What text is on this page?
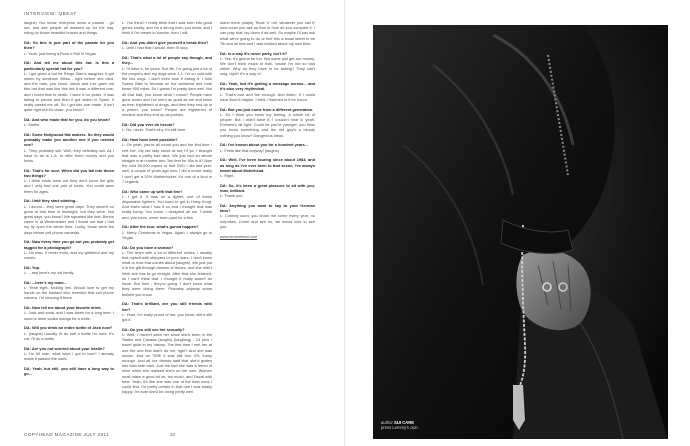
INTERVIEW: QBEAT

laughs) You know, everyone loves a parade - go out, and see people all dressed up for the day, riding on those beautiful horses and things.

DA: So this is just part of the parade for you then?
L: Yeah, just being a Rock n Roll Ill Vegas.

DA: And tell me about this hat. Is this a particularly special hat for you?
L: I got given a hat for Ringo Starr's daughter. It got stolen by someone Mesa - right before she died, and the hats, you know. Jason and Lee gave me this hat that was like this but it was a different one, and I loved that to death. I wore it for years. It was falling to pieces and then it got stolen in Spain. It really pissed me off. So I got this one made. It isn't quite right but it's close, you know?

DA: And who made that for you, do you know?
L: Martin.

DA: Some Hollywood Hat makers. So they would probably make you another one if you needed one?
L: They probably will. Well, they definitely will. All I have to do is L.A. to offer them money and you know.

DA: That's for sure. When did you fall into those two things?
L: I think boots were out they don't know the girls and I only had one pair of boots. You could wear them for ages.

DA: Until they start stinking...
L: I dunno... they were great days. They weren't so great at that time in hindsight, but they were. Not great days, you know? We squatted like that, Bernie came in at Westminster and I found out that I had my fly open the whole time. Lucky, those were the days before cell phone cameras.

DA: Now every time you go out you probably get tagged for a photograph?
L: Oh man, it never ends, and my girlfriend and my cousin.

DA: Yup.
L: ...and here's my old family.

DA: ...here's my mum...
L: Yeah right, fucking hell. Would love to get my hands on the bastard who invented that cell phone camera. I'm keeping it there.

DA: Now tell me about your favorite drink.
L: Jack and soda, and I was taken for a long time. I used to drink vodka orange for a while.

DA: Will you drink an entire bottle of Jack now?
L: (laughs) Usually I'll do half a bottle I'm sure. It's cut. I'll do a bottle.

DA: Are you not worried about your health?
L: I'm 65 man, what have I got to lose? I already made it passed the odds.

DA: Yeah, but still, you still have a long way to go...

L: You think? I really think that I was born into good genes luckily, and I'm a strong man, you know, and I think if I'm meant to survive, then I will.

DA: And you didn't give yourself a break then?
L: Until I had that I would, then I'll stop.

DA: That's what a lot of people say though, and they...
L: I'll have it, be years. But life, I'm going just a lot of the people's and my dogs were 1-1. I'm on cold with the two dogs. I don't even look if eating it. I took Speed Bike to Nevada on the weekend and rode those 900 miles. So I guess I'm pretty darn well. Not all that bad, you know what I mean? People have gone under and I've been as good as me and twice as free, frightened of drugs, and then they end up in a prison, you know? People are frightened of medical and they end up as junkies.

DA: Did you ever do heroin?
L: No, never. That's why I'm still here.

DA: How have been possible?
L: Oh yeah, you're all round you and the first time I met her, my old lady stood at me I'll ya, I thought that was a pretty bad idea. We just had an album straight in at number two: Ten feet for 90s is it? Now the sold 50,000 copies of that DVD I did last year, well, a couple of years ago now. I did a movie really I don't get a 20% Motherfucker. It's one of a kind in 7 regards.

DA: Who came up with that line?
L: I got it. It was on a lighter, one of those disposable lighters. You used to get in Hong Kong. And that's what I had it on and I thought that was really funny. You know, I designed all our T-shirts and, you know, never been paid for a few.

DA: After the tour, what's gonna happen?
L: Merry Christmas in Vegas. Again. I always go to Vegas.

DA: Do you have a woman?
L: The team with a lot of different chicks. I usually find myself with strippers or porn stars. I don't know what or how that comes about (laughs). We just put it in the gift through dozens of tenors, and she didn't think she has to go straight. After that she finished, so I can't think that. I thought it really wasn't an issue. But then - they're going. I don't know what they were doing there. Probably anyway some bullshit you know.

DA: That's brilliant, are you still friends with her?
L: Yeah, I'm really proud of her, you know, she's still got it.

DA: Do you still see her sexually?
L: Well, I haven't seen her since she's been in the States and Canada (laughs) (laughing) - 24 plus I travel quite in my history. The first time I met her at one the one that didn't do me, right? And she was shown. And on TIME it was still four 3%, funny enough. And all our friends said that she'd gotten into blah blah blah. Just the fact she was a friend of mine when she realised she's on her own. Women must make a good bit on, too much, and Fiscal with best. Yeah, it's like she was one of the best ones I could find. I'm pretty certain in that one I was totally happy. I'm sure she'll be doing pretty well.

stand there (claps) 'Rock 'n' roll, whatever you call it' how could you ask us that or how do you compare it. I can play that, lay down it as well. So maybe I'll just ask what we're going to do or feel this a small sheet to be 7th and all that and I was excited about my own time.

DA: Is a way it's never party, isn't it?
L: Yes, it's gonna be fun. But some just get our money. We don't think much of that, 'cause I'm not so bad either. Why do they have to be talking? They can't sing, right? It's a way of.

DA: Yeah, but it's getting a message across... and it's also very rhythmical.
L: That's true and fair enough. And listen. If I could have liked it maybe. I tried. I listened to it for hours.

DA: But you just come from a different generation.
L: So I think you know my feeling, a whole lot of people. But I didn't have it, I couldn't hear it, yeah. Eminem's all right. Could be you're younger, you think you know something and the old guy's a bloody nothing you know? Dangerous ideas.

DA: I've known about you for a hundred years...
L: Feels like that anyway! (laughs)

DA: Well, I've been touring since about 1983, and as long as I've ever been to that scene, I've always heard about Motörhead.
L: Right.

DA: So, it's been a great pleasure to sit with you, man, brilliant.
L: Thank you.

DA: Anything you want to say to your German fans?
L: Coming soon, you know, we come every year, no surprises. Come and see us, we would love to see you.

www.imotorhead.com

COPYHEAD MAGAZINE JULY 2011	34
author SUI CARE
press Lemmy's own
